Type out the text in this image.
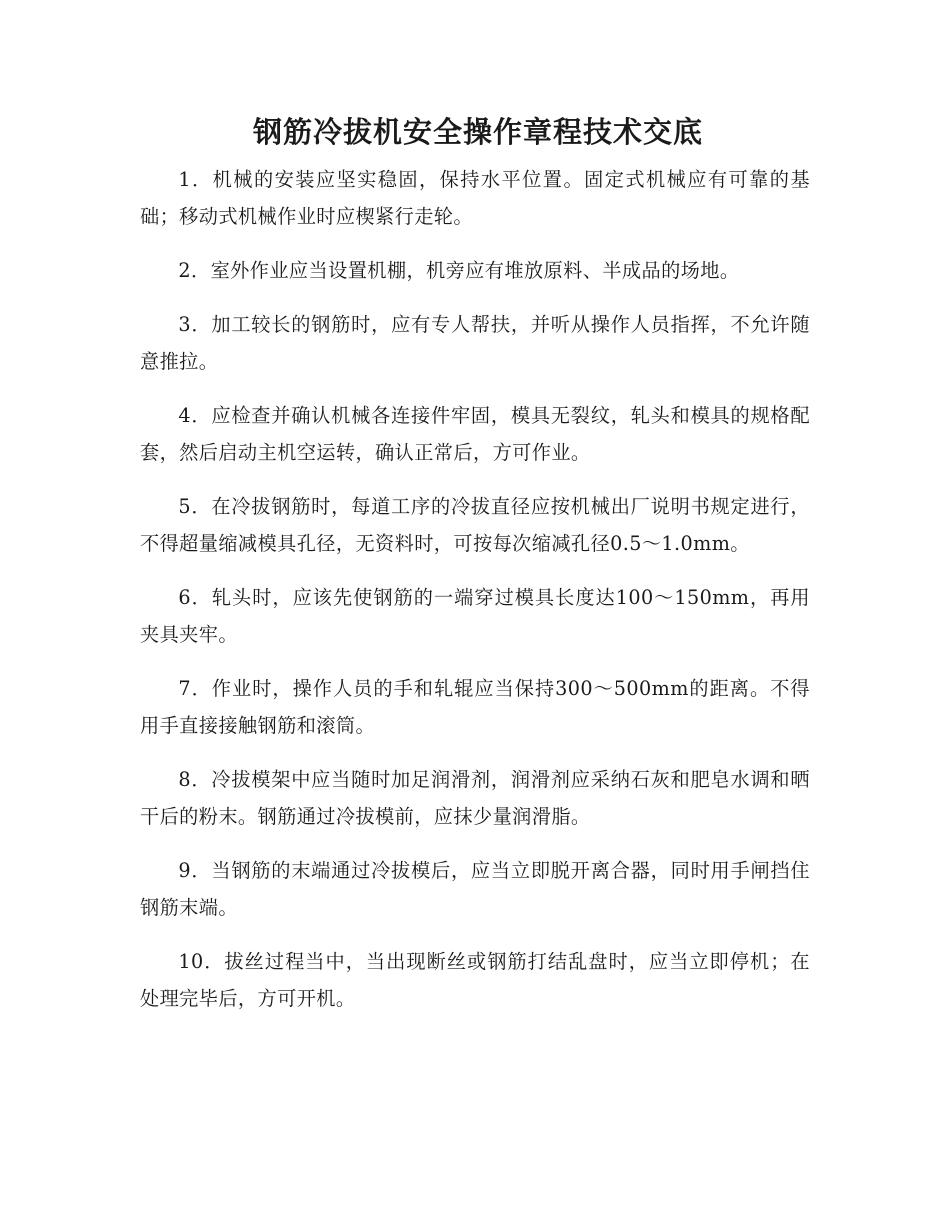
钢筋冷拔机安全操作章程技术交底

1．机械的安装应坚实稳固，保持水平位置。固定式机械应有可靠的基础；移动式机械作业时应楔紧行走轮。

2．室外作业应当设置机棚，机旁应有堆放原料、半成品的场地。

3．加工较长的钢筋时，应有专人帮扶，并听从操作人员指挥，不允许随意推拉。

4．应检查并确认机械各连接件牢固，模具无裂纹，轧头和模具的规格配套，然后启动主机空运转，确认正常后，方可作业。

5．在冷拔钢筋时，每道工序的冷拔直径应按机械出厂说明书规定进行，不得超量缩减模具孔径，无资料时，可按每次缩减孔径0.5～1.0mm。

6．轧头时，应该先使钢筋的一端穿过模具长度达100～150mm，再用夹具夹牢。

7．作业时，操作人员的手和轧辊应当保持300～500mm的距离。不得用手直接接触钢筋和滚筒。

8．冷拔模架中应当随时加足润滑剂，润滑剂应采纳石灰和肥皂水调和晒干后的粉末。钢筋通过冷拔模前，应抹少量润滑脂。

9．当钢筋的末端通过冷拔模后，应当立即脱开离合器，同时用手闸挡住钢筋末端。

10．拔丝过程当中，当出现断丝或钢筋打结乱盘时，应当立即停机；在处理完毕后，方可开机。
